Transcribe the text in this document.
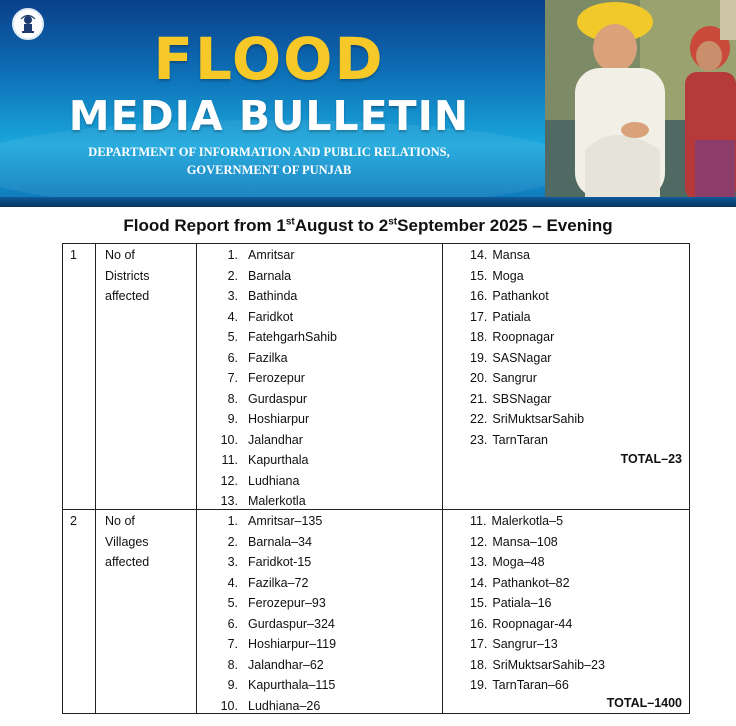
FLOOD
MEDIA BULLETIN
DEPARTMENT OF INFORMATION AND PUBLIC RELATIONS,
GOVERNMENT OF PUNJAB
Flood Report from 1stAugust to 2stSeptember 2025 – Evening
1 No of
Districts
affected
1. Amritsar
2. Barnala
3. Bathinda
4. Faridkot
5. FatehgarhSahib
6. Fazilka
7. Ferozepur
8. Gurdaspur
9. Hoshiarpur
10. Jalandhar
11. Kapurthala
12. Ludhiana
13. Malerkotla
14. Mansa
15. Moga
16. Pathankot
17. Patiala
18. Roopnagar
19. SASNagar
20. Sangrur
21. SBSNagar
22. SriMuktsarSahib
23. TarnTaran
TOTAL–23
2 No of
Villages
affected
1. Amritsar–135
2. Barnala–34
3. Faridkot-15
4. Fazilka–72
5. Ferozepur–93
6. Gurdaspur–324
7. Hoshiarpur–119
8. Jalandhar–62
9. Kapurthala–115
10. Ludhiana–26
11. Malerkotla–5
12. Mansa–108
13. Moga–48
14. Pathankot–82
15. Patiala–16
16. Roopnagar-44
17. Sangrur–13
18. SriMuktsarSahib–23
19. TarnTaran–66
TOTAL–1400
